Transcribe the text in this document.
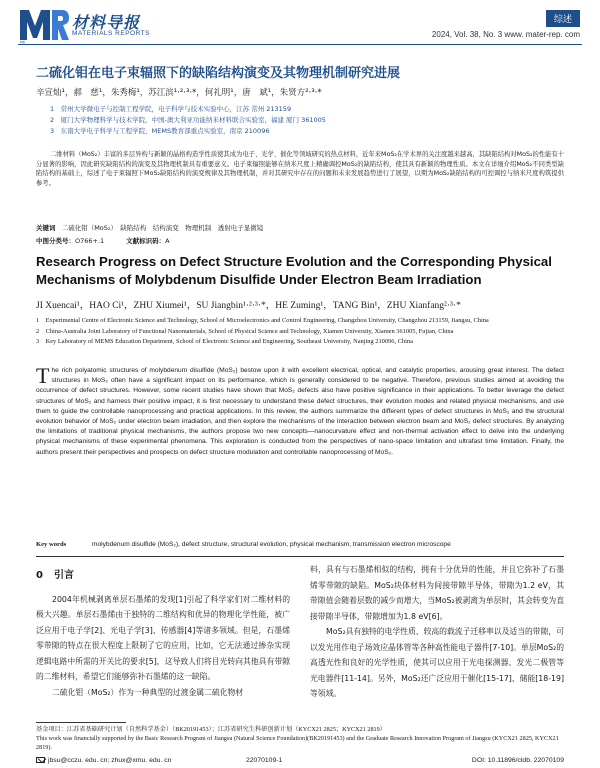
MR
材料导报
MATERIALS REPORTS
综述
2024, Vol. 38, No. 3 www. mater-rep. com
二硫化钼在电子束辐照下的缺陷结构演变及其物理机制研究进展
辛宣灿¹，郝　慈¹，朱秀梅¹，苏江滨¹·²·³·*，何礼明¹，唐　斌¹，朱贤方²·³·*
1　常州大学微电子与控制工程学院，电子科学与技术实验中心，江苏 常州 213159
2　厦门大学物理科学与技术学院，中国-澳大利亚功能纳米材料联合实验室，福建 厦门 361005
3　东南大学电子科学与工程学院，MEMS教育部重点实验室，南京 210096
二维材料（MoS₂）丰富的多层异构与新颖的晶格构造学性质使其成为电子、光学、催化等领域研究的热点材料，近年来MoS₂在学术界的关注度越来越高，其缺陷结构对MoS₂的性能有十分显著的影响，因此研究缺陷结构的演变及其物理机制具有重要意义。电子束辐照能够在纳米尺度上精确调控MoS₂的缺陷结构，使其具有新颖的物理性质。本文在详细介绍MoS₂不同类型缺陷结构的基础上，综述了电子束辐照下MoS₂缺陷结构的演变规律及其物理机制，并对其研究中存在的问题和未来发展趋势进行了展望，以期为MoS₂缺陷结构的可控调控与纳米尺度构筑提供参考。
关键词 二硫化钼（MoS₂）　缺陷结构　结构演变　物理机制　透射电子显微镜
中图分类号：O766+.1	文献标识码：A
Research Progress on Defect Structure Evolution and the Corresponding Physical Mechanisms of Molybdenum Disulfide Under Electron Beam Irradiation
JI Xuencai¹，HAO Ci¹，ZHU Xiumei¹，SU Jiangbin¹·²·³·*，HE Zuming¹，TANG Bin¹，ZHU Xianfang²·³·*
1　Experimental Centre of Electronic Science and Technology, School of Microelectronics and Control Engineering, Changzhou University, Changzhou 213159, Jiangsu, China
2　China-Australia Joint Laboratory of Functional Nanomaterials, School of Physical Science and Technology, Xiamen University, Xiamen 361005, Fujian, China
3　Key Laboratory of MEMS Education Department, School of Electronic Science and Engineering, Southeast University, Nanjing 210096, China
The rich polyatomic structures of molybdenum disulfide (MoS₂) bestow upon it with excellent electrical, optical, and catalytic properties, arousing great interest. The defect structures in MoS₂ often have a significant impact on its performance, which is generally considered to be negative. Therefore, previous studies aimed at avoiding the occurrence of defect structures. However, some recent studies have shown that MoS₂ defects also have positive significance in their applications. To better leverage the defect structures of MoS₂ and harness their positive impact, it is first necessary to understand these defect structures, their evolution modes and related physical mechanisms, and use them to guide the controllable nanoprocessing and practical applications. In this review, the authors summarize the different types of defect structures in MoS₂ and the structural evolution behavior of MoS₂ under electron beam irradiation, and then explore the mechanisms of the interaction between electron beam and MoS₂ defect structures. By analyzing the limitations of traditional physical mechanisms, the authors propose two new concepts—nanocurvature effect and non-thermal activation effect to delve into the underlying physical mechanisms of these experimental phenomena. This exploration is conducted from the perspectives of nano-space limitation and ultrafast time limitation. Finally, the authors present their perspectives and prospects on defect structure modulation and controllable nanoprocessing of MoS₂.
Key words	molybdenum disulfide (MoS₂), defect structure, structural evolution, physical mechanism, transmission electron microscope
0 引言
2004年机械剥离单层石墨烯的发现[1]引起了科学家们对二维材料的极大兴趣。单层石墨烯由于独特的二维结构和优异的物理化学性能，被广泛应用于电子学[2]、光电子学[3]、传感器[4]等诸多领域。但是，石墨烯零带隙的特点在很大程度上限制了它的应用，比如，它无法通过掺杂实现逻辑电路中所需的开关比的要求[5]，这导致人们将目光转向其他具有带隙的二维材料，希望它们能够弥补石墨烯的这一缺陷。
二硫化钼（MoS₂）作为一种典型的过渡金属二硫化物材
料，具有与石墨烯相似的结构，拥有十分优异的性能，并且它弥补了石墨烯零带隙的缺陷。MoS₂块体材料为间接带隙半导体，带隙为1.2 eV，其带隙值会随着层数的减少而增大，当MoS₂被剥离为单层时，其会转变为直接带隙半导体，带隙增加为1.8 eV[6]。
MoS₂具有独特的电学性质、较高的载流子迁移率以及适当的带隙，可以发光用作电子场效应晶体管等各种高性能电子器件[7-10]。单层MoS₂的高透光性和良好的光学性质，使其可以应用于光电探测器、发光二极管等光电器件[11-14]。另外，MoS₂还广泛应用于催化[15-17]、储能[18-19]等领域。
基金项目：江苏省基础研究计划（自然科学基金）（BK20191453）；江苏省研究生科研创新计划（KYCX21 2825；KYCX21 2819）
This work was financially supported by the Basic Research Program of Jiangsu (Natural Science Foundation)(BK20191453) and the Graduate Research Innovation Program of Jiangsu (KYCX21 2825, KYCX21 2819).
jbsu@cczu. edu. cn; zhux@xmu. edu. cn	22070109-1	DOI: 10.11896/cldb. 22070109
